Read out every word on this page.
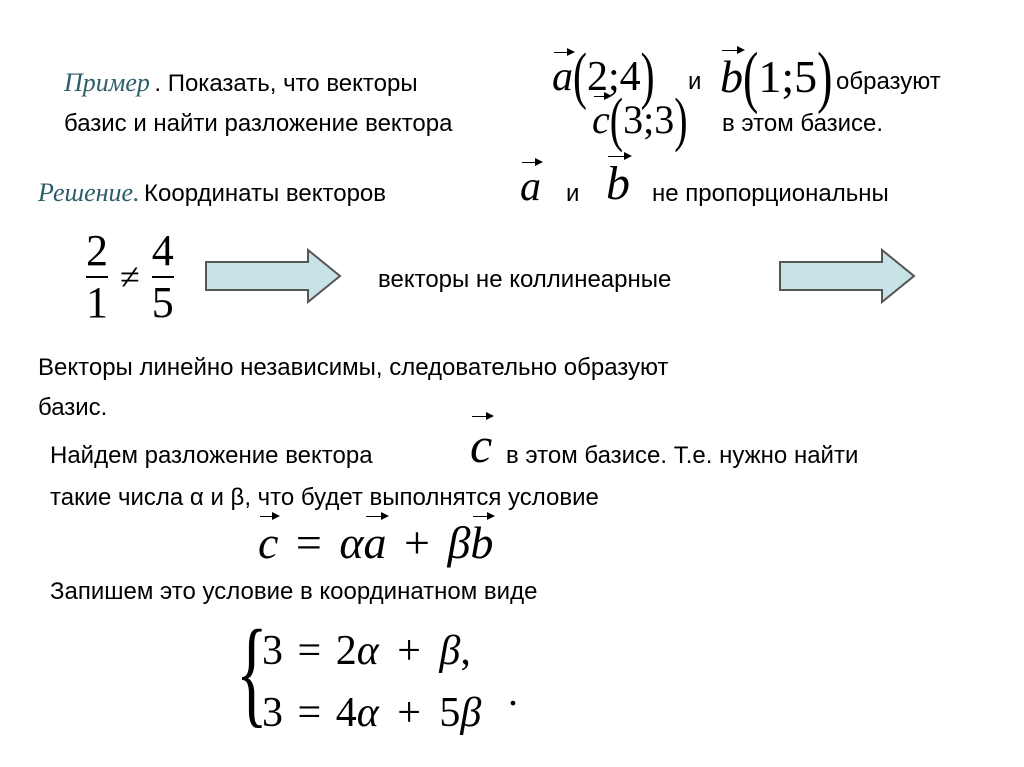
Пример . Показать, что векторы	a(2;4) и b(1;5) образуют
базис и найти разложение вектора	c(3;3) в этом базисе.
Решение. Координаты векторов	a и b не пропорциональны
$\frac{2}{1} \ne \frac{4}{5}$	векторы не коллинеарные
Векторы линейно независимы, следовательно образуют
базис.
Найдем разложение вектора c в этом базисе. Т.е. нужно найти
такие числа α и β, что будет выполнятся условие
c = αa + βb
Запишем это условие в координатном виде
{
3 = 2α + β,
3 = 4α + 5β .
